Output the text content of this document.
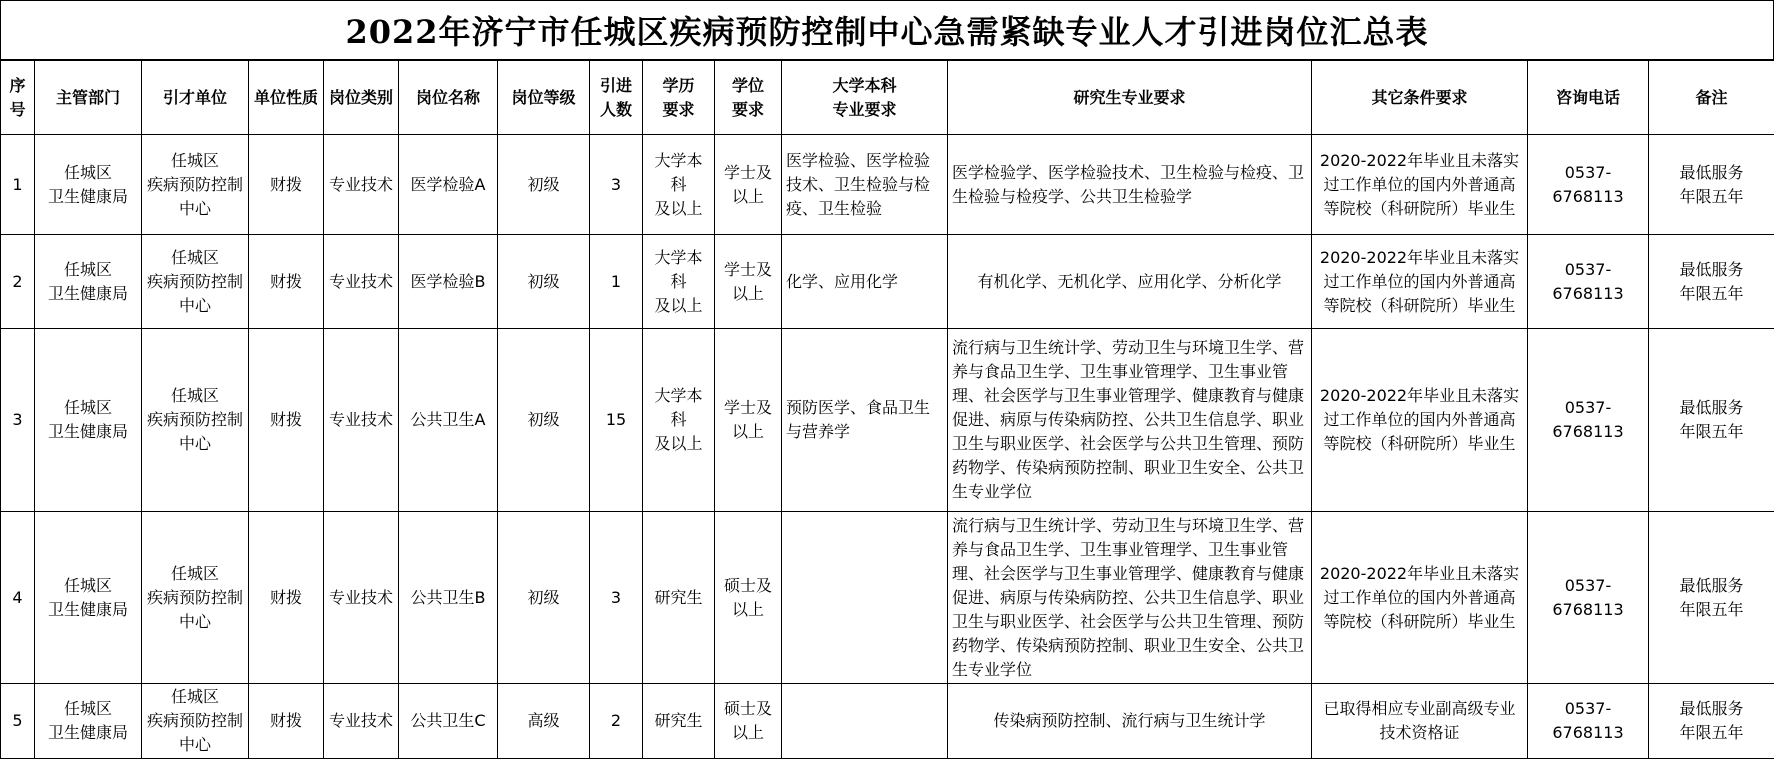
2022年济宁市任城区疾病预防控制中心急需紧缺专业人才引进岗位汇总表
序
号	主管部门	引才单位	单位性质	岗位类别	岗位名称	岗位等级	引进
人数	学历
要求	学位
要求	大学本科
专业要求	研究生专业要求	其它条件要求	咨询电话	备注
1	任城区
卫生健康局	任城区
疾病预防控制
中心	财拨	专业技术	医学检验A	初级	3	大学本科
及以上	学士及
以上	医学检验、医学检验技术、卫生检验与检疫、卫生检验	医学检验学、医学检验技术、卫生检验与检疫、卫生检验与检疫学、公共卫生检验学	2020-2022年毕业且未落实过工作单位的国内外普通高等院校（科研院所）毕业生	0537-
6768113	最低服务
年限五年
2	任城区
卫生健康局	任城区
疾病预防控制
中心	财拨	专业技术	医学检验B	初级	1	大学本科
及以上	学士及
以上	化学、应用化学	有机化学、无机化学、应用化学、分析化学	2020-2022年毕业且未落实过工作单位的国内外普通高等院校（科研院所）毕业生	0537-
6768113	最低服务
年限五年
3	任城区
卫生健康局	任城区
疾病预防控制
中心	财拨	专业技术	公共卫生A	初级	15	大学本科
及以上	学士及
以上	预防医学、食品卫生与营养学	流行病与卫生统计学、劳动卫生与环境卫生学、营养与食品卫生学、卫生事业管理学、卫生事业管理、社会医学与卫生事业管理学、健康教育与健康促进、病原与传染病防控、公共卫生信息学、职业卫生与职业医学、社会医学与公共卫生管理、预防药物学、传染病预防控制、职业卫生安全、公共卫生专业学位	2020-2022年毕业且未落实过工作单位的国内外普通高等院校（科研院所）毕业生	0537-
6768113	最低服务
年限五年
4	任城区
卫生健康局	任城区
疾病预防控制
中心	财拨	专业技术	公共卫生B	初级	3	研究生	硕士及
以上		流行病与卫生统计学、劳动卫生与环境卫生学、营养与食品卫生学、卫生事业管理学、卫生事业管理、社会医学与卫生事业管理学、健康教育与健康促进、病原与传染病防控、公共卫生信息学、职业卫生与职业医学、社会医学与公共卫生管理、预防药物学、传染病预防控制、职业卫生安全、公共卫生专业学位	2020-2022年毕业且未落实过工作单位的国内外普通高等院校（科研院所）毕业生	0537-
6768113	最低服务
年限五年
5	任城区
卫生健康局	任城区
疾病预防控制
中心	财拨	专业技术	公共卫生C	高级	2	研究生	硕士及
以上		传染病预防控制、流行病与卫生统计学	已取得相应专业副高级专业技术资格证	0537-
6768113	最低服务
年限五年
